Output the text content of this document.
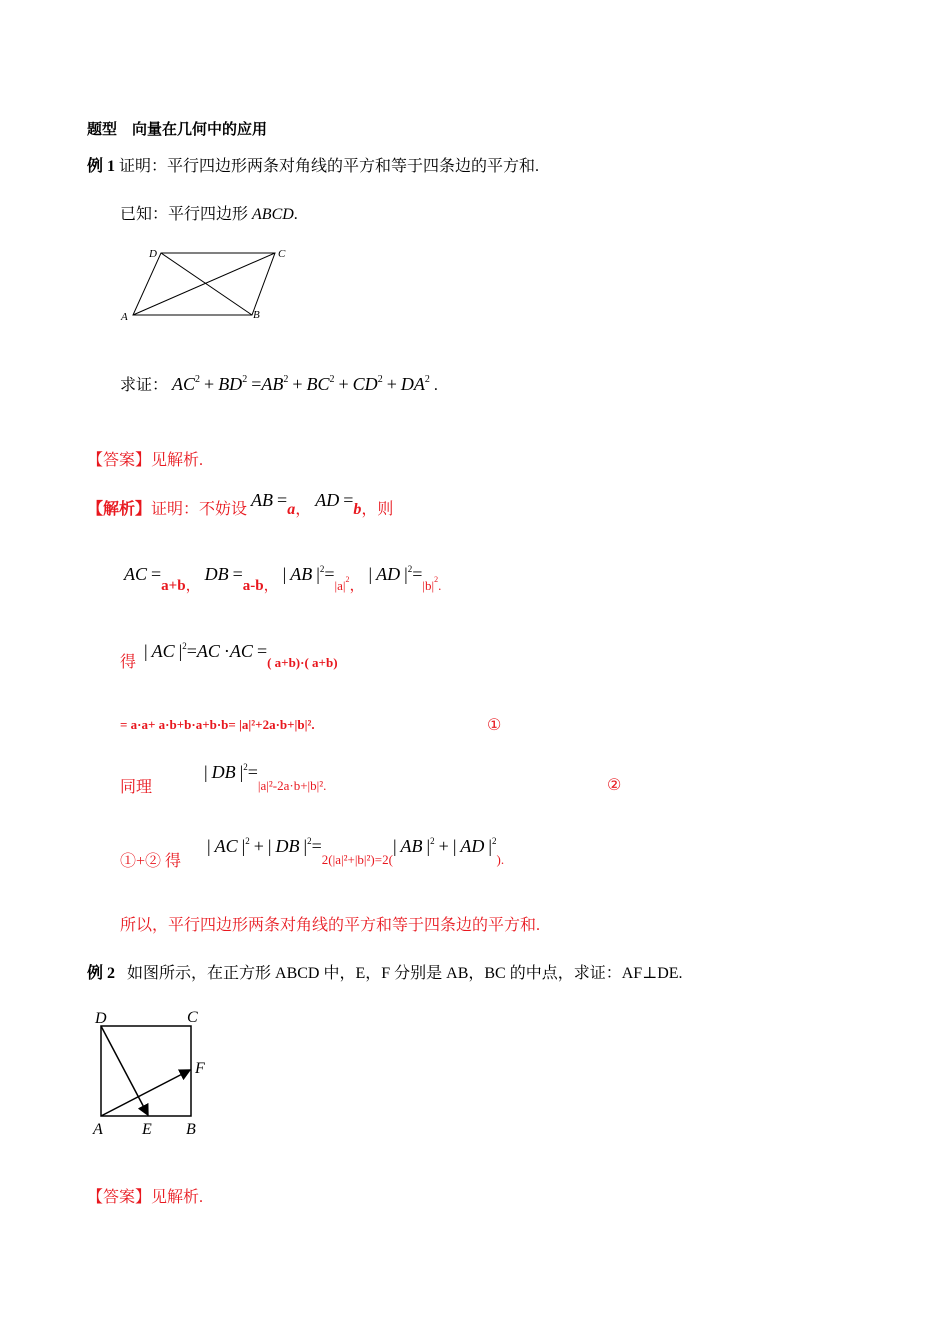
题型　向量在几何中的应用
例 1 证明：平行四边形两条对角线的平方和等于四条边的平方和.
已知：平行四边形 ABCD.
A	B
C
D
求证： $AC^2 + BD^2 =AB^2 + BC^2 + CD^2 + DA^2$ .
【答案】见解析.
【解析】证明：不妨设 AB =a， AD =b，则
AC =a+b， DB =a-b， | AB $|^2=_{|a|}2$， | AD $|^2=_{|b|}2_.$
得  | AC $|^2=AC \cdot AC =_{( a+b)\cdot( a+b)}$
= a·a+ a·b+b·a+b·b= |a|²+2a·b+|b|².	①
同理  | DB $|^2=_{|a|^2-2a\cdot b+|b|^2.}$	②
①+② 得  | AC $|^2$ + | DB $|^2=_{2(|a|^2+|b|^2)=2(}|$ AB $|^2$ + | AD $|^2_{).}$
所以，平行四边形两条对角线的平方和等于四条边的平方和.
例 2 如图所示，在正方形 ABCD 中，E，F 分别是 AB，BC 的中点，求证：AF⊥DE.
A E B
C
D
F
【答案】见解析.
